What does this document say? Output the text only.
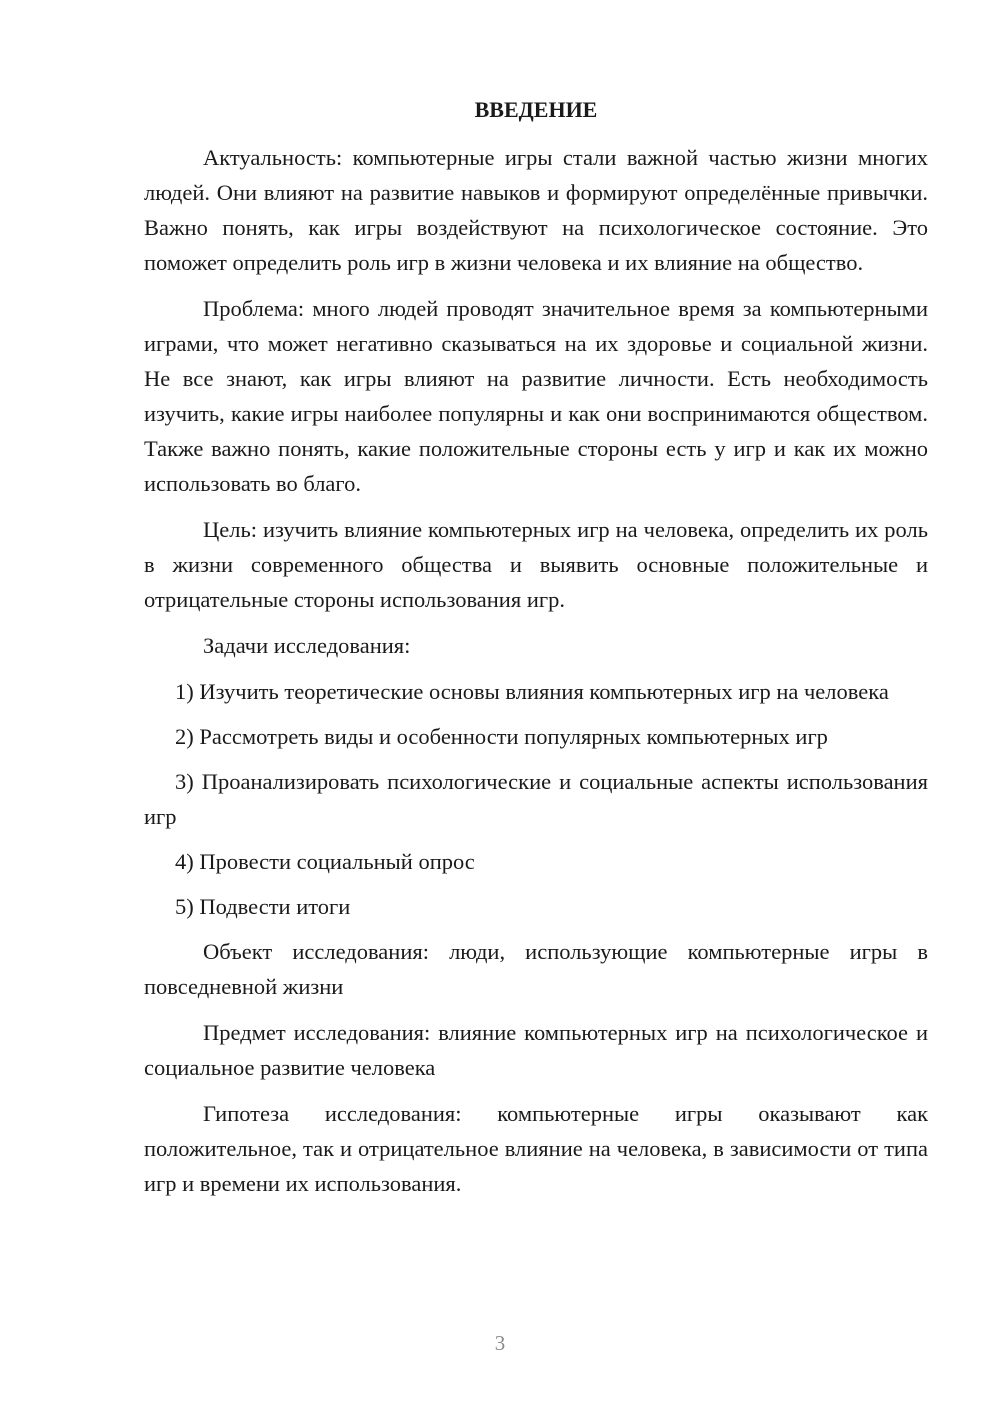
ВВЕДЕНИЕ

Актуальность: компьютерные игры стали важной частью жизни многих людей. Они влияют на развитие навыков и формируют определённые привычки. Важно понять, как игры воздействуют на психологическое состояние. Это поможет определить роль игр в жизни человека и их влияние на общество.

Проблема: много людей проводят значительное время за компьютерными играми, что может негативно сказываться на их здоровье и социальной жизни. Не все знают, как игры влияют на развитие личности. Есть необходимость изучить, какие игры наиболее популярны и как они воспринимаются обществом. Также важно понять, какие положительные стороны есть у игр и как их можно использовать во благо.

Цель: изучить влияние компьютерных игр на человека, определить их роль в жизни современного общества и выявить основные положительные и отрицательные стороны использования игр.

Задачи исследования:

1) Изучить теоретические основы влияния компьютерных игр на человека

2) Рассмотреть виды и особенности популярных компьютерных игр

3) Проанализировать психологические и социальные аспекты использования игр

4) Провести социальный опрос

5) Подвести итоги

Объект исследования: люди, использующие компьютерные игры в повседневной жизни

Предмет исследования: влияние компьютерных игр на психологическое и социальное развитие человека

Гипотеза исследования: компьютерные игры оказывают как положительное, так и отрицательное влияние на человека, в зависимости от типа игр и времени их использования.

3
